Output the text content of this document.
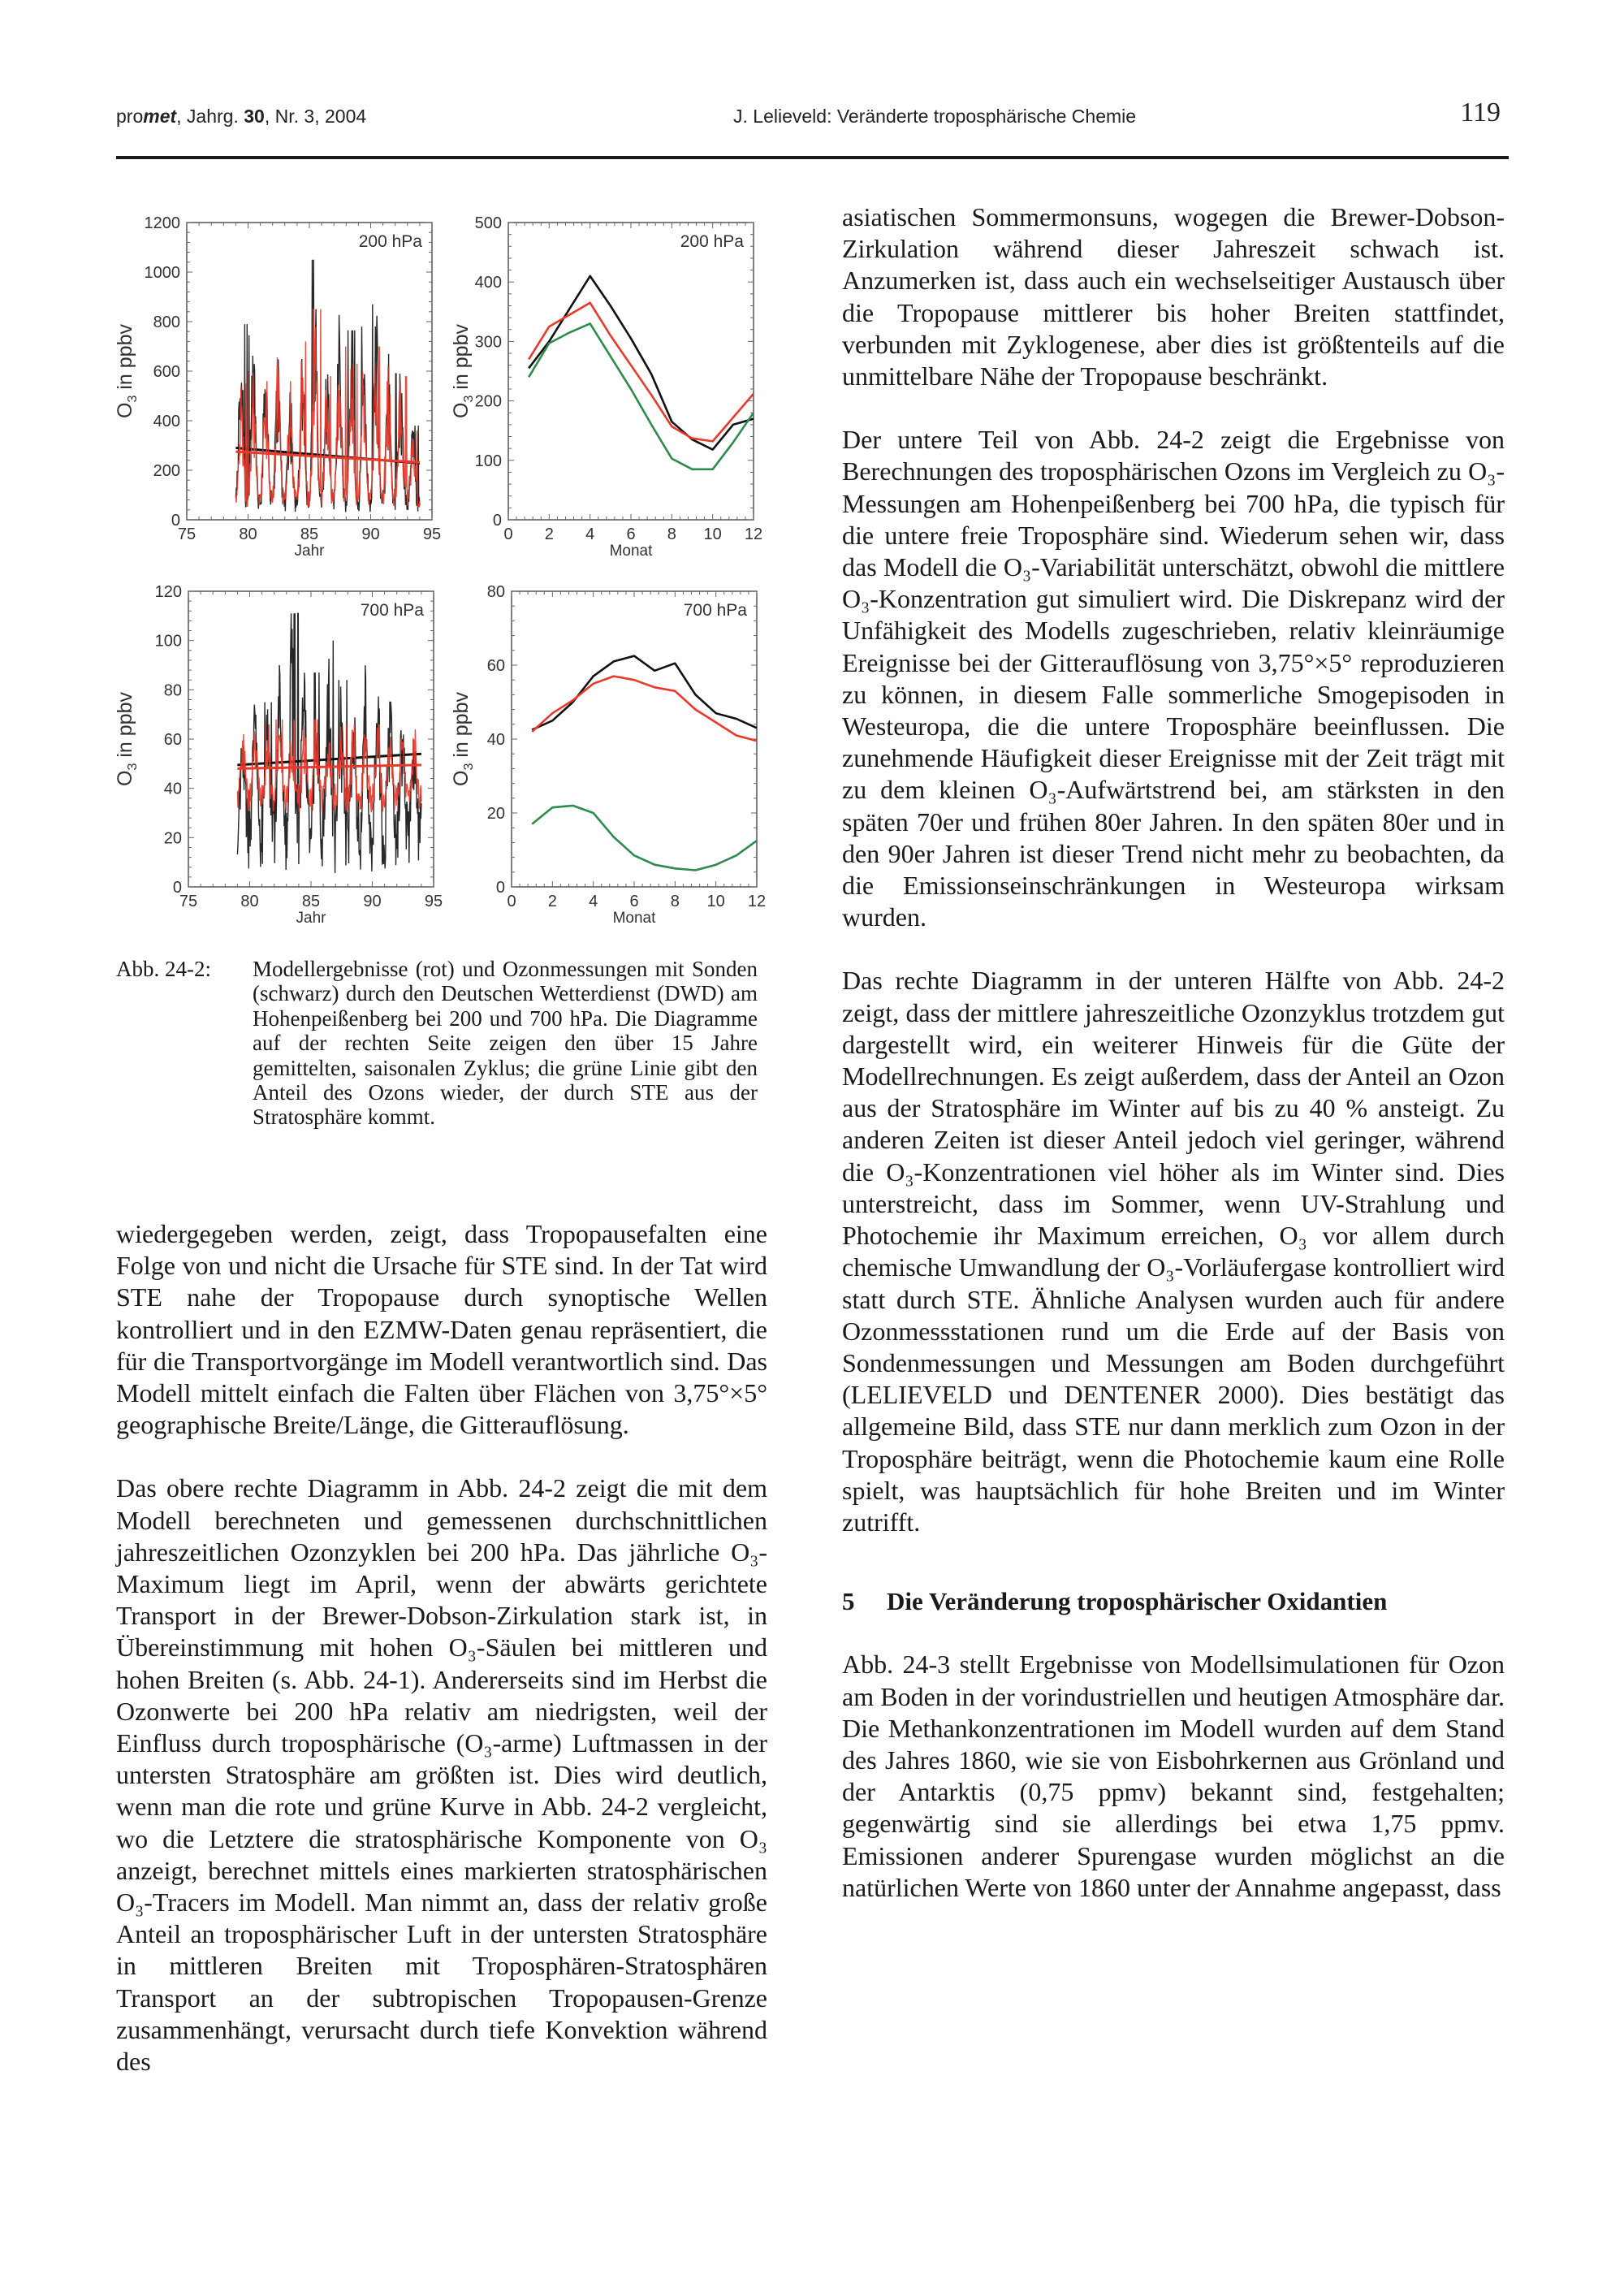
promet, Jahrg. 30, Nr. 3, 2004	J. Lelieveld: Veränderte troposphärische Chemie	119
0
200
400
600
800
1000
1200
75	80	85	90	95
Jahr
$O_3$ in ppbv
200 hPa
0
100
200
300
400
500
0 2 4 6 8 10 12
Monat
$O_3$ in ppbv
200 hPa
0
20
40
60
80
100
120
75	80	85	90	95
Jahr
$O_3$ in ppbv
700 hPa
0
20
40
60
80
0 2 4 6 8 10 12
Monat
$O_3$ in ppbv
700 hPa
Abb. 24-2: Modellergebnisse (rot) und Ozonmessungen mit Sonden (schwarz) durch den Deutschen Wetterdienst (DWD) am Hohenpeißenberg bei 200 und 700 hPa. Die Diagramme auf der rechten Seite zeigen den über 15 Jahre gemittelten, saisonalen Zyklus; die grüne Linie gibt den Anteil des Ozons wieder, der durch STE aus der Stratosphäre kommt.

wiedergegeben werden, zeigt, dass Tropopausefalten eine Folge von und nicht die Ursache für STE sind. In der Tat wird STE nahe der Tropopause durch synoptische Wellen kontrolliert und in den EZMW-Daten genau repräsentiert, die für die Transportvorgänge im Modell verantwortlich sind. Das Modell mittelt einfach die Falten über Flächen von 3,75°×5° geographische Breite/Länge, die Gitterauflösung.

Das obere rechte Diagramm in Abb. 24-2 zeigt die mit dem Modell berechneten und gemessenen durchschnittlichen jahreszeitlichen Ozonzyklen bei 200 hPa. Das jährliche O₃-Maximum liegt im April, wenn der abwärts gerichtete Transport in der Brewer-Dobson-Zirkulation stark ist, in Übereinstimmung mit hohen O₃-Säulen bei mittleren und hohen Breiten (s. Abb. 24-1). Andererseits sind im Herbst die Ozonwerte bei 200 hPa relativ am niedrigsten, weil der Einfluss durch troposphärische (O₃-arme) Luftmassen in der untersten Stratosphäre am größten ist. Dies wird deutlich, wenn man die rote und grüne Kurve in Abb. 24-2 vergleicht, wo die Letztere die stratosphärische Komponente von O₃ anzeigt, berechnet mittels eines markierten stratosphärischen O₃-Tracers im Modell. Man nimmt an, dass der relativ große Anteil an troposphärischer Luft in der untersten Stratosphäre in mittleren Breiten mit Troposphären-Stratosphären Transport an der subtropischen Tropopausen-Grenze zusammenhängt, verursacht durch tiefe Konvektion während des

asiatischen Sommermonsuns, wogegen die Brewer-Dobson-Zirkulation während dieser Jahreszeit schwach ist. Anzumerken ist, dass auch ein wechselseitiger Austausch über die Tropopause mittlerer bis hoher Breiten stattfindet, verbunden mit Zyklogenese, aber dies ist größtenteils auf die unmittelbare Nähe der Tropopause beschränkt.

Der untere Teil von Abb. 24-2 zeigt die Ergebnisse von Berechnungen des troposphärischen Ozons im Vergleich zu O₃-Messungen am Hohenpeißenberg bei 700 hPa, die typisch für die untere freie Troposphäre sind. Wiederum sehen wir, dass das Modell die O₃-Variabilität unterschätzt, obwohl die mittlere O₃-Konzentration gut simuliert wird. Die Diskrepanz wird der Unfähigkeit des Modells zugeschrieben, relativ kleinräumige Ereignisse bei der Gitterauflösung von 3,75°×5° reproduzieren zu können, in diesem Falle sommerliche Smogepisoden in Westeuropa, die die untere Troposphäre beeinflussen. Die zunehmende Häufigkeit dieser Ereignisse mit der Zeit trägt mit zu dem kleinen O₃-Aufwärtstrend bei, am stärksten in den späten 70er und frühen 80er Jahren. In den späten 80er und in den 90er Jahren ist dieser Trend nicht mehr zu beobachten, da die Emissionseinschränkungen in Westeuropa wirksam wurden.

Das rechte Diagramm in der unteren Hälfte von Abb. 24-2 zeigt, dass der mittlere jahreszeitliche Ozonzyklus trotzdem gut dargestellt wird, ein weiterer Hinweis für die Güte der Modellrechnungen. Es zeigt außerdem, dass der Anteil an Ozon aus der Stratosphäre im Winter auf bis zu 40 % ansteigt. Zu anderen Zeiten ist dieser Anteil jedoch viel geringer, während die O₃-Konzentrationen viel höher als im Winter sind. Dies unterstreicht, dass im Sommer, wenn UV-Strahlung und Photochemie ihr Maximum erreichen, O₃ vor allem durch chemische Umwandlung der O₃-Vorläufergase kontrolliert wird statt durch STE. Ähnliche Analysen wurden auch für andere Ozonmessstationen rund um die Erde auf der Basis von Sondenmessungen und Messungen am Boden durchgeführt (LELIEVELD und DENTENER 2000). Dies bestätigt das allgemeine Bild, dass STE nur dann merklich zum Ozon in der Troposphäre beiträgt, wenn die Photochemie kaum eine Rolle spielt, was hauptsächlich für hohe Breiten und im Winter zutrifft.

5 Die Veränderung troposphärischer Oxidantien

Abb. 24-3 stellt Ergebnisse von Modellsimulationen für Ozon am Boden in der vorindustriellen und heutigen Atmosphäre dar. Die Methankonzentrationen im Modell wurden auf dem Stand des Jahres 1860, wie sie von Eisbohrkernen aus Grönland und der Antarktis (0,75 ppmv) bekannt sind, festgehalten; gegenwärtig sind sie allerdings bei etwa 1,75 ppmv. Emissionen anderer Spurengase wurden möglichst an die natürlichen Werte von 1860 unter der Annahme angepasst, dass
